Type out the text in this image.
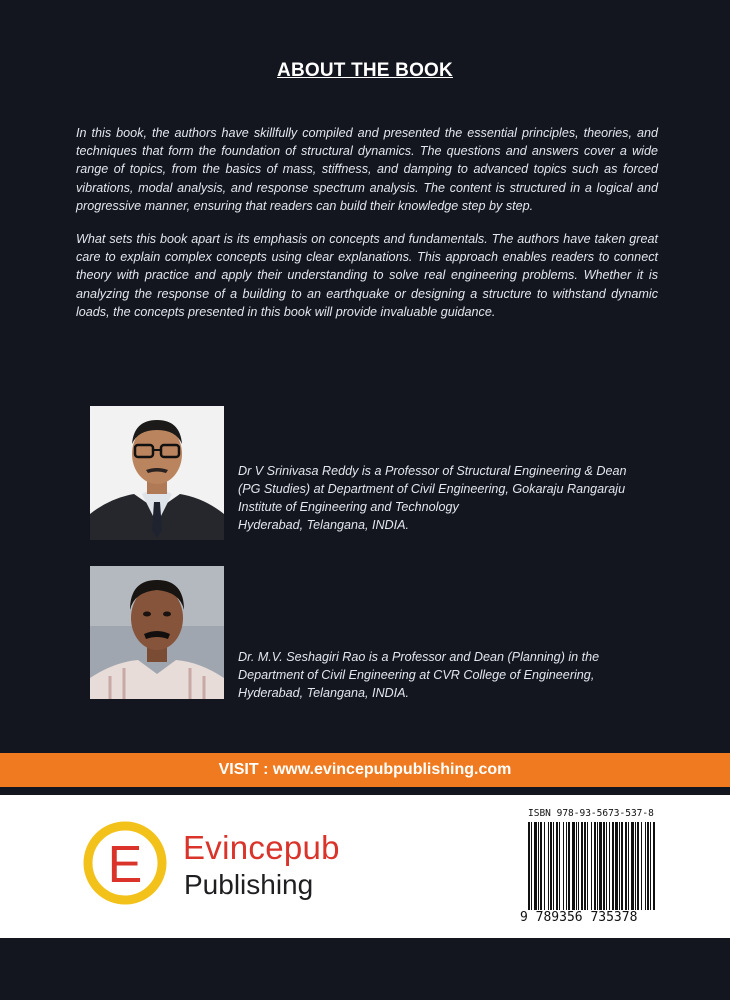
ABOUT THE BOOK

In this book, the authors have skillfully compiled and presented the essential principles, theories, and techniques that form the foundation of structural dynamics. The questions and answers cover a wide range of topics, from the basics of mass, stiffness, and damping to advanced topics such as forced vibrations, modal analysis, and response spectrum analysis. The content is structured in a logical and progressive manner, ensuring that readers can build their knowledge step by step.

What sets this book apart is its emphasis on concepts and fundamentals. The authors have taken great care to explain complex concepts using clear explanations. This approach enables readers to connect theory with practice and apply their understanding to solve real engineering problems. Whether it is analyzing the response of a building to an earthquake or designing a structure to withstand dynamic loads, the concepts presented in this book will provide invaluable guidance.

Dr V Srinivasa Reddy is a Professor of Structural Engineering & Dean
(PG Studies) at Department of Civil Engineering, Gokaraju Rangaraju
Institute of Engineering and Technology
Hyderabad, Telangana, INDIA.
Dr. M.V. Seshagiri Rao is a Professor and Dean (Planning) in the
Department of Civil Engineering at CVR College of Engineering,
Hyderabad, Telangana, INDIA.
VISIT : www.evincepubpublishing.com
E Evincepub
Publishing
ISBN 978-93-5673-537-8
9 789356 735378
